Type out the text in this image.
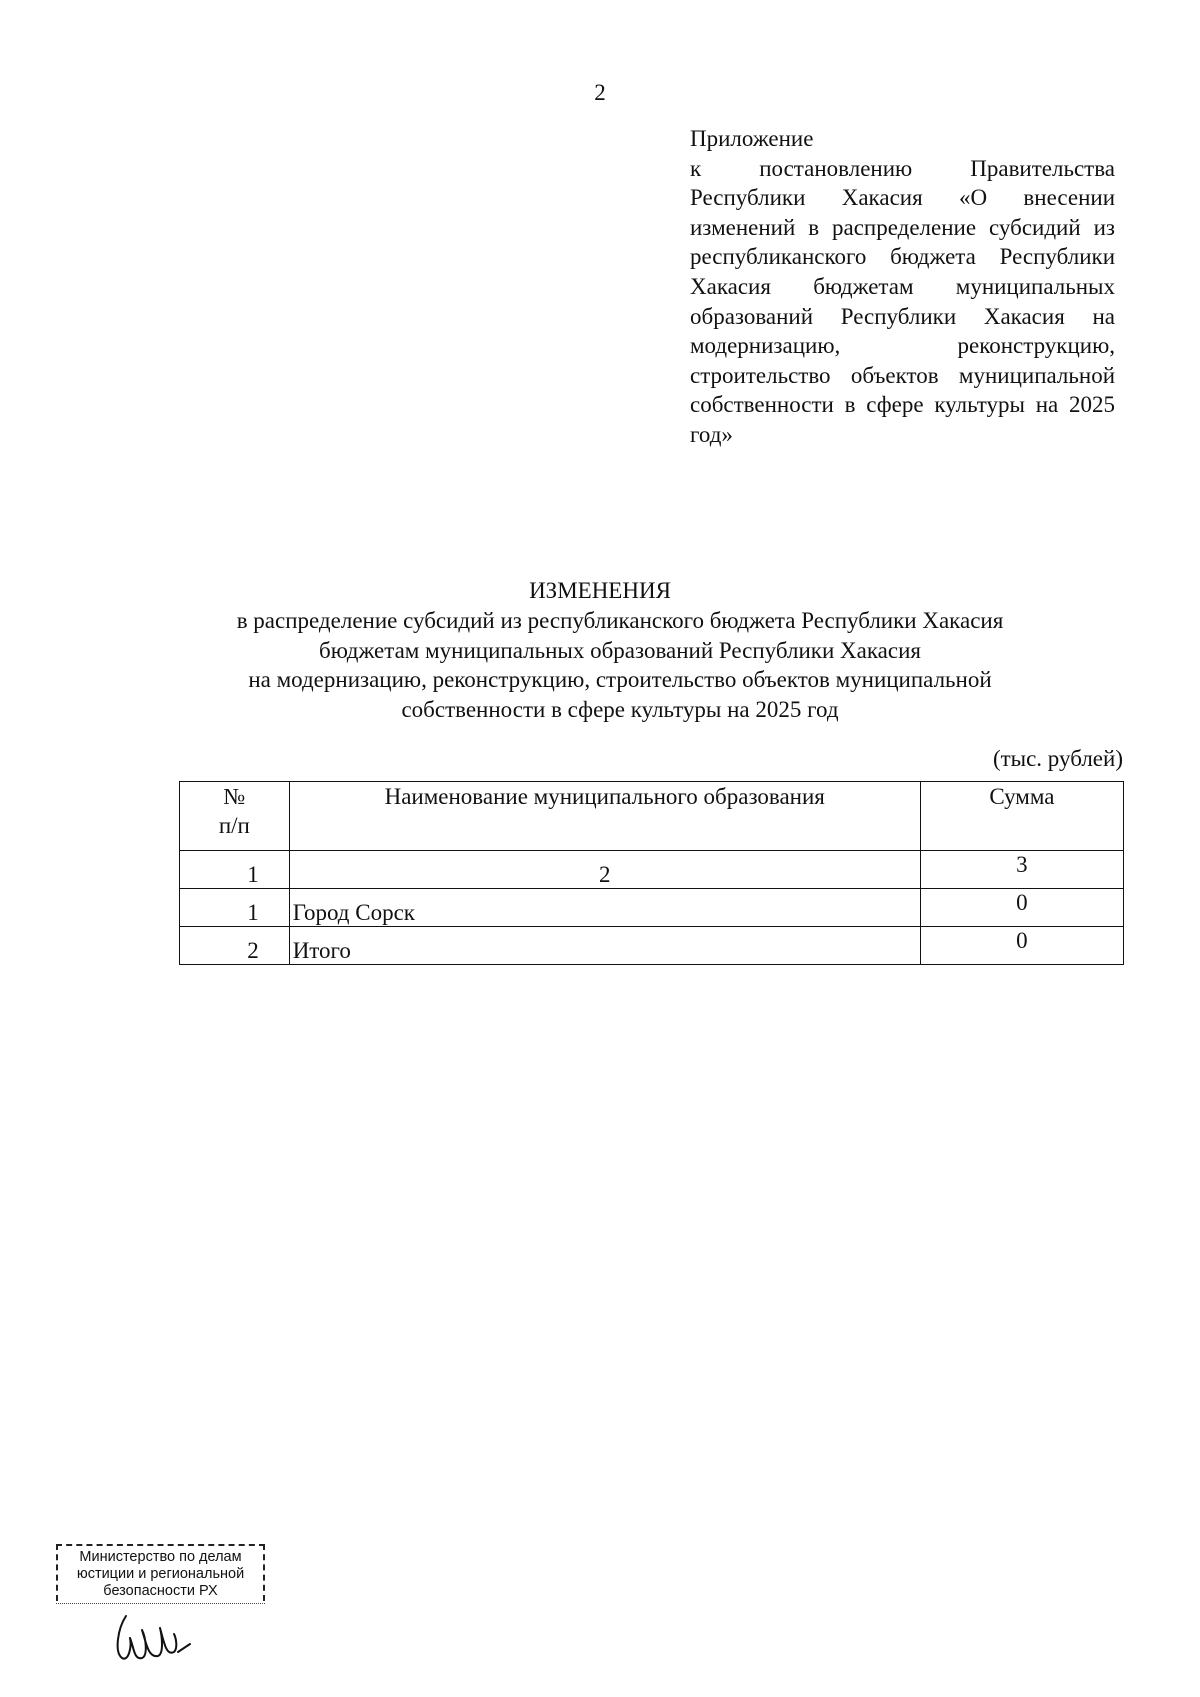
2
Приложение
к постановлению Правительства Республики Хакасия «О внесении изменений в распределение субсидий из республиканского бюджета Республики Хакасия бюджетам муниципальных образований Республики Хакасия на модернизацию, реконструкцию, строительство объектов муниципальной собственности в сфере культуры на 2025 год»
ИЗМЕНЕНИЯ
в распределение субсидий из республиканского бюджета Республики Хакасия
бюджетам муниципальных образований Республики Хакасия
на модернизацию, реконструкцию, строительство объектов муниципальной
собственности в сфере культуры на 2025 год
(тыс. рублей)
№
п/п	Наименование муниципального образования	Сумма
1	2	3
1	Город Сорск	0
2	Итого	0
Министерство по делам
юстиции и региональной
безопасности РХ
